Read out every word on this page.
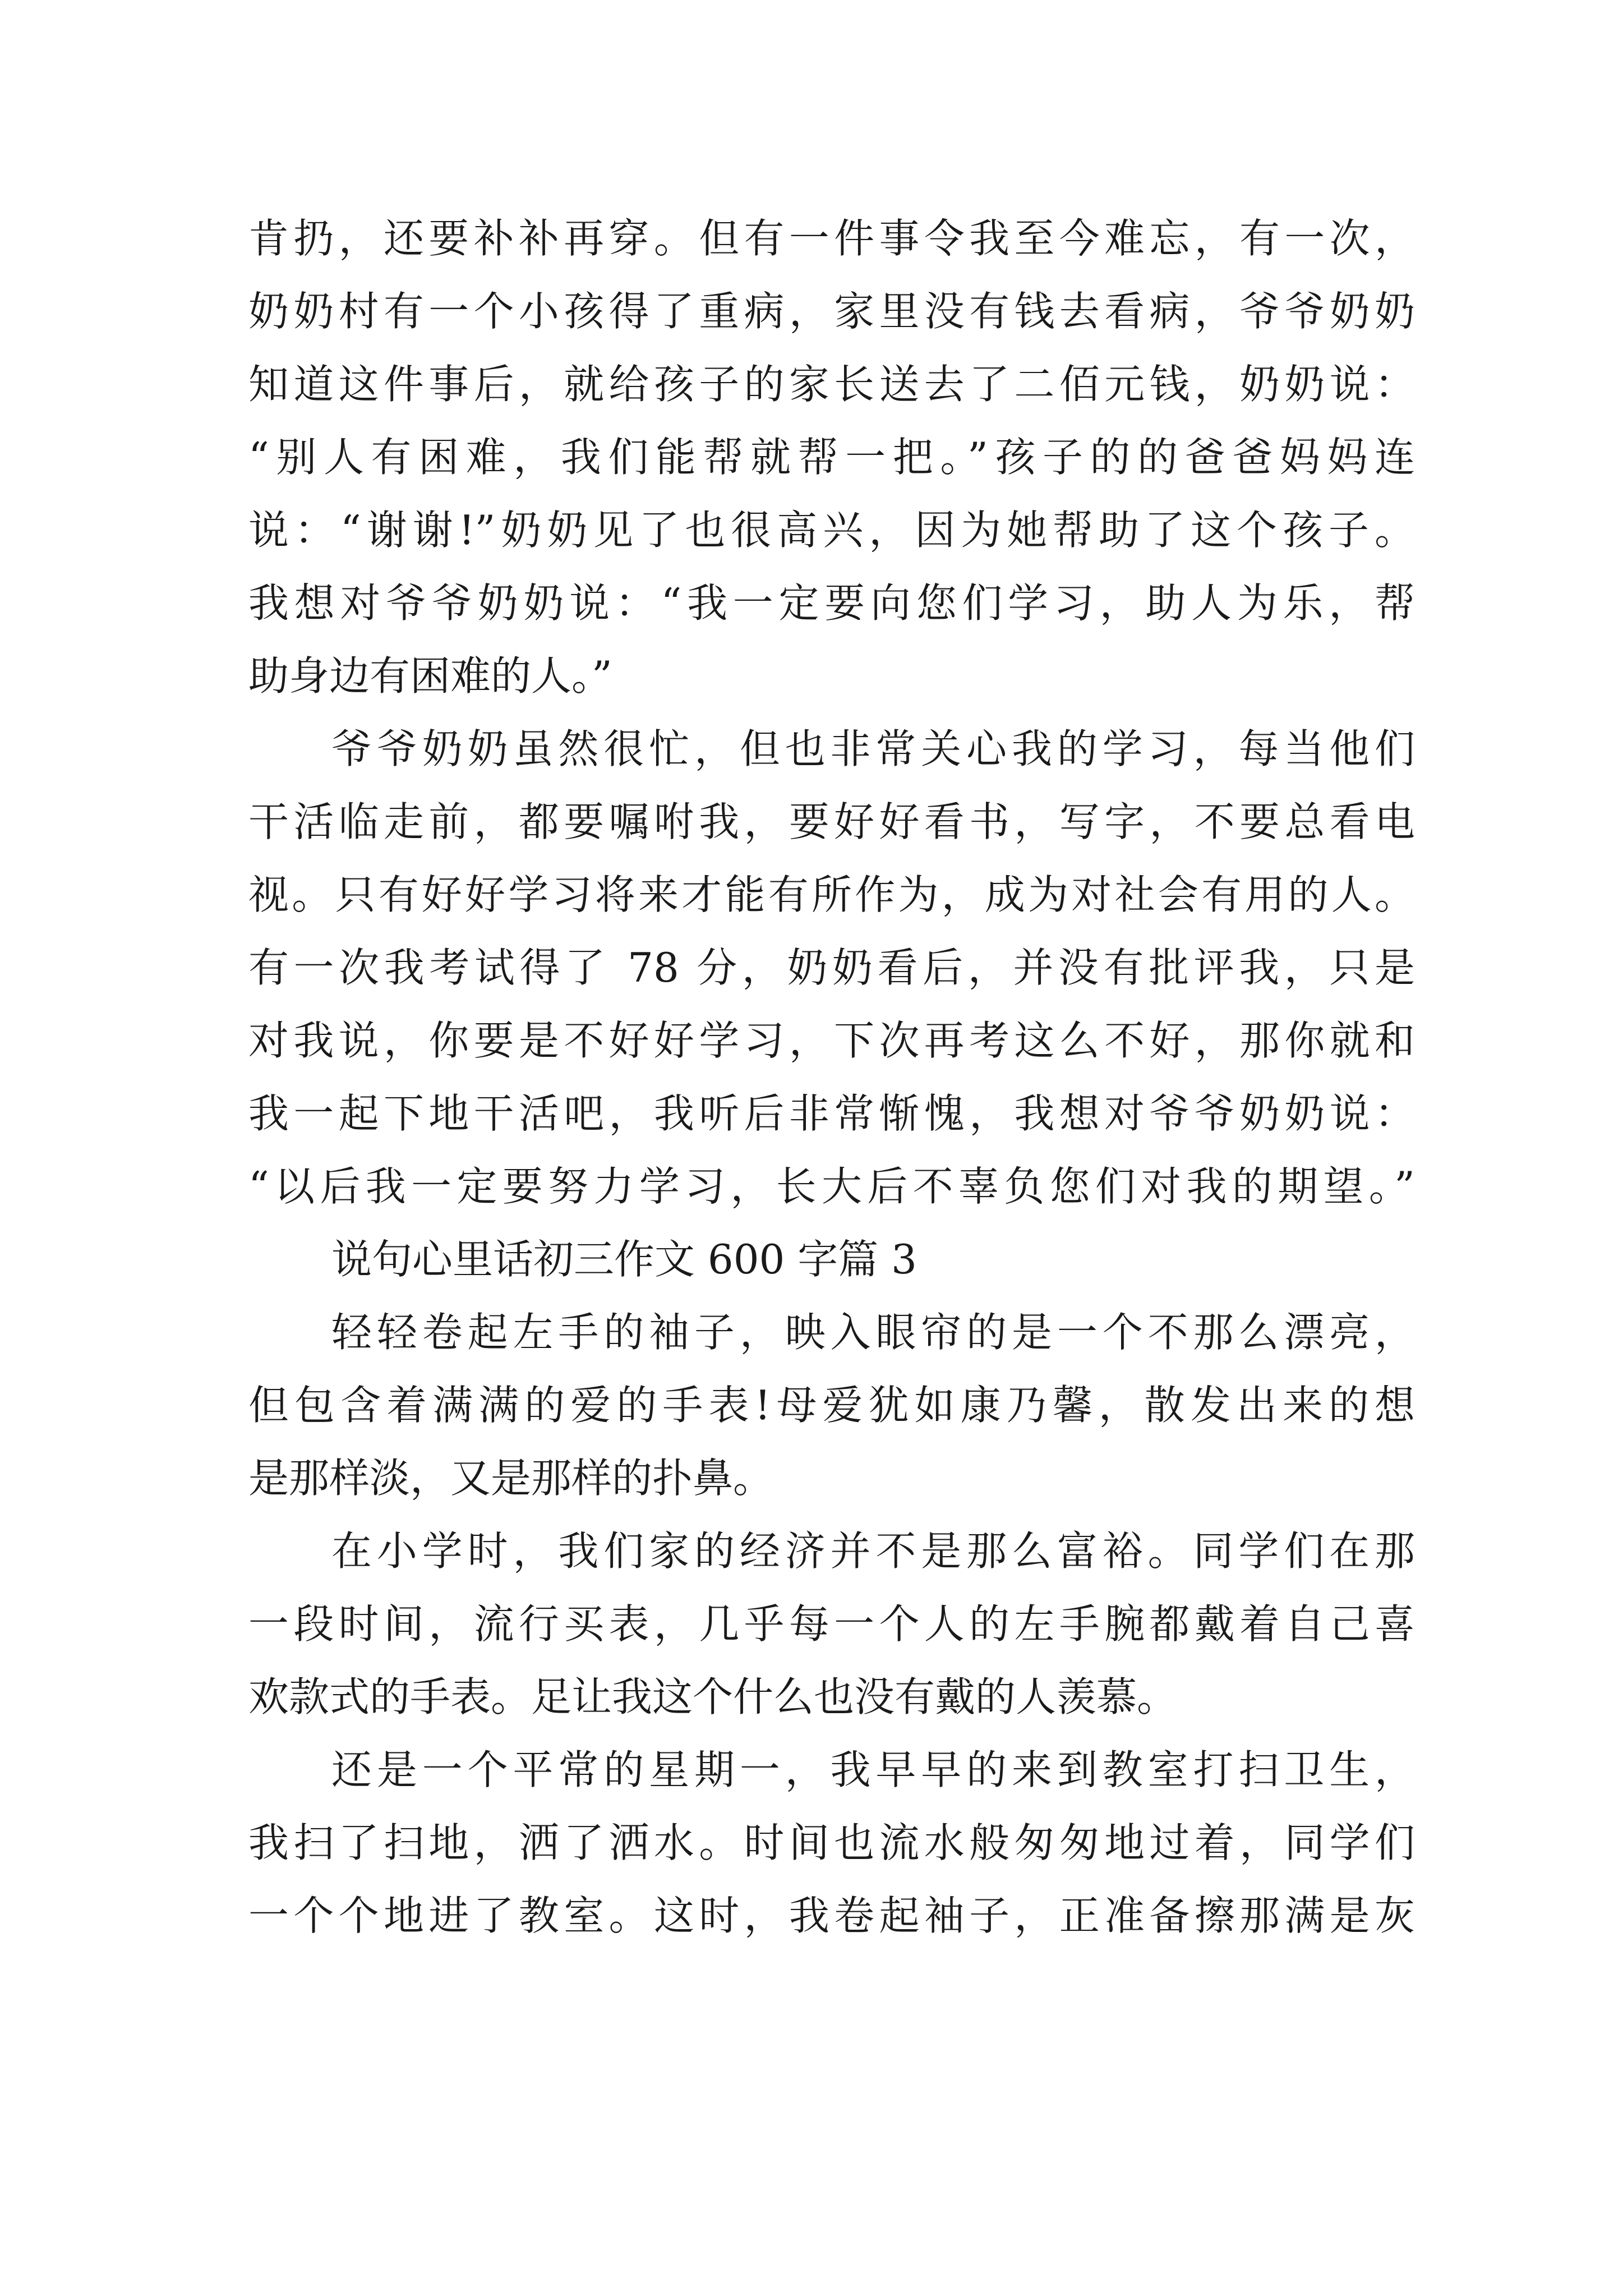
肯扔，还要补补再穿。但有一件事令我至今难忘，有一次，
奶奶村有一个小孩得了重病，家里没有钱去看病，爷爷奶奶
知道这件事后，就给孩子的家长送去了二佰元钱，奶奶说：
“别人有困难，我们能帮就帮一把。”孩子的的爸爸妈妈连
说：“谢谢!”奶奶见了也很高兴，因为她帮助了这个孩子。
我想对爷爷奶奶说：“我一定要向您们学习，助人为乐，帮
助身边有困难的人。”
爷爷奶奶虽然很忙，但也非常关心我的学习，每当他们
干活临走前，都要嘱咐我，要好好看书，写字，不要总看电
视。只有好好学习将来才能有所作为，成为对社会有用的人。
有一次我考试得了 78 分，奶奶看后，并没有批评我，只是
对我说，你要是不好好学习，下次再考这么不好，那你就和
我一起下地干活吧，我听后非常惭愧，我想对爷爷奶奶说：
“以后我一定要努力学习，长大后不辜负您们对我的期望。”
说句心里话初三作文 600 字篇 3
轻轻卷起左手的袖子，映入眼帘的是一个不那么漂亮，
但包含着满满的爱的手表!母爱犹如康乃馨，散发出来的想
是那样淡，又是那样的扑鼻。
在小学时，我们家的经济并不是那么富裕。同学们在那
一段时间，流行买表，几乎每一个人的左手腕都戴着自己喜
欢款式的手表。足让我这个什么也没有戴的人羡慕。
还是一个平常的星期一，我早早的来到教室打扫卫生，
我扫了扫地，洒了洒水。时间也流水般匆匆地过着，同学们
一个个地进了教室。这时，我卷起袖子，正准备擦那满是灰
